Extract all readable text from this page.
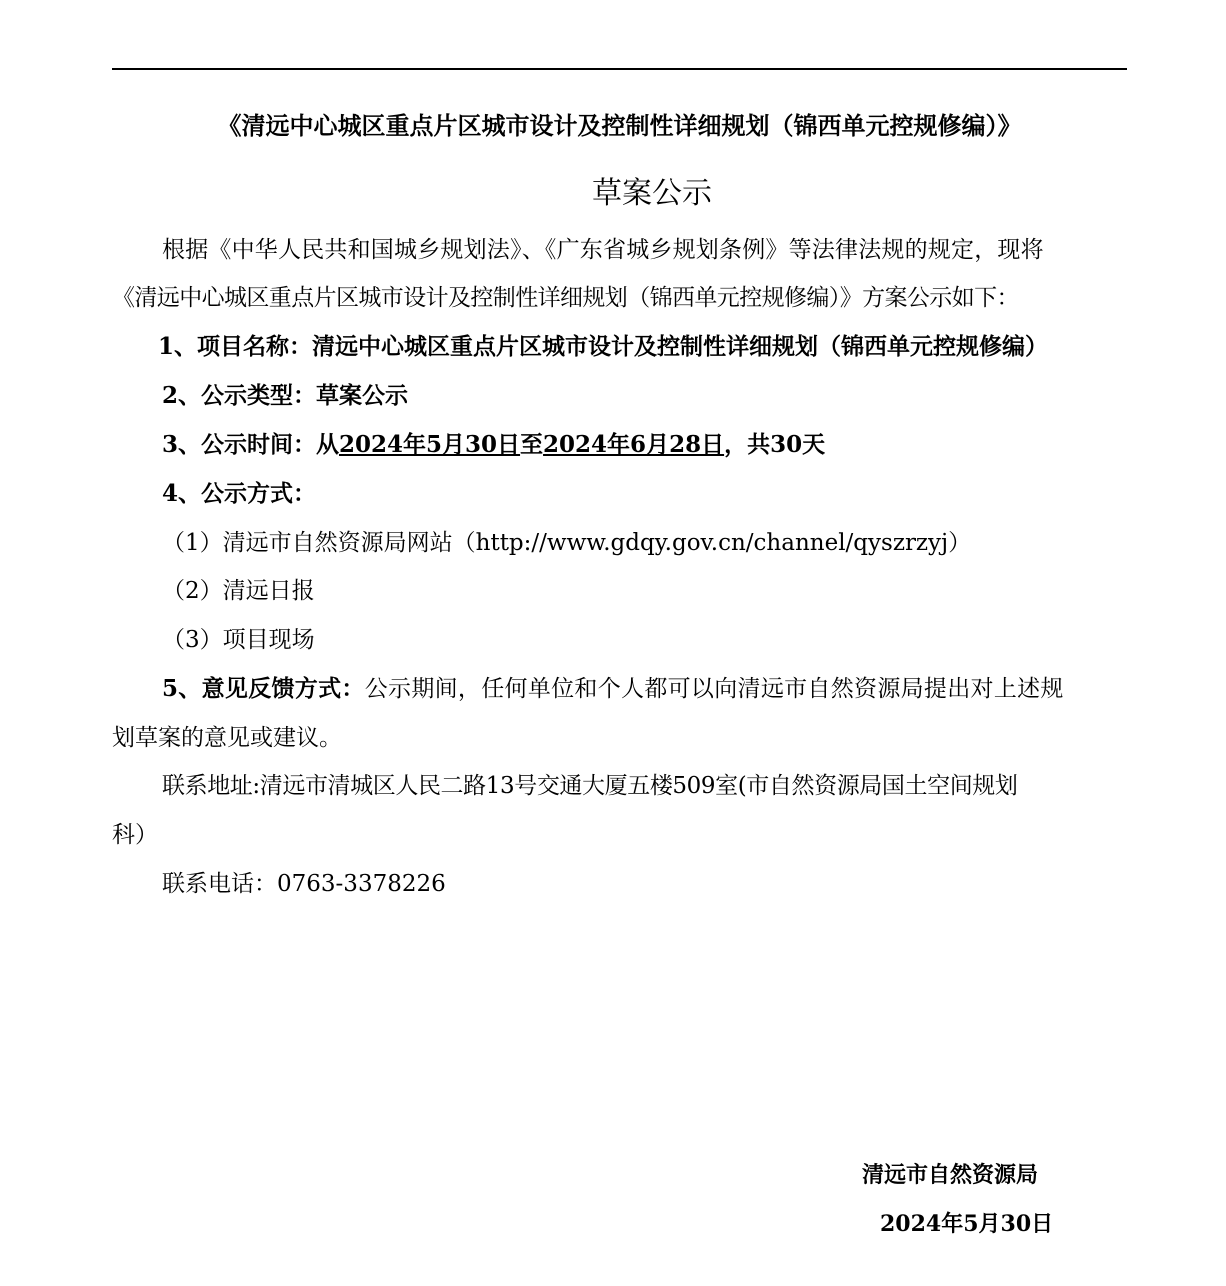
《清远中心城区重点片区城市设计及控制性详细规划（锦西单元控规修编）》
草案公示
根据《中华人民共和国城乡规划法》、《广东省城乡规划条例》等法律法规的规定，现将
《清远中心城区重点片区城市设计及控制性详细规划（锦西单元控规修编）》方案公示如下：
1、项目名称：清远中心城区重点片区城市设计及控制性详细规划（锦西单元控规修编）
2、公示类型：草案公示
3、公示时间：从2024年5月30日至2024年6月28日，共30天
4、公示方式：
（1）清远市自然资源局网站（http://www.gdqy.gov.cn/channel/qyszrzyj）
（2）清远日报
（3）项目现场
5、意见反馈方式：公示期间，任何单位和个人都可以向清远市自然资源局提出对上述规
划草案的意见或建议。
联系地址:清远市清城区人民二路13号交通大厦五楼509室(市自然资源局国土空间规划
科）
联系电话：0763-3378226
清远市自然资源局
2024年5月30日
